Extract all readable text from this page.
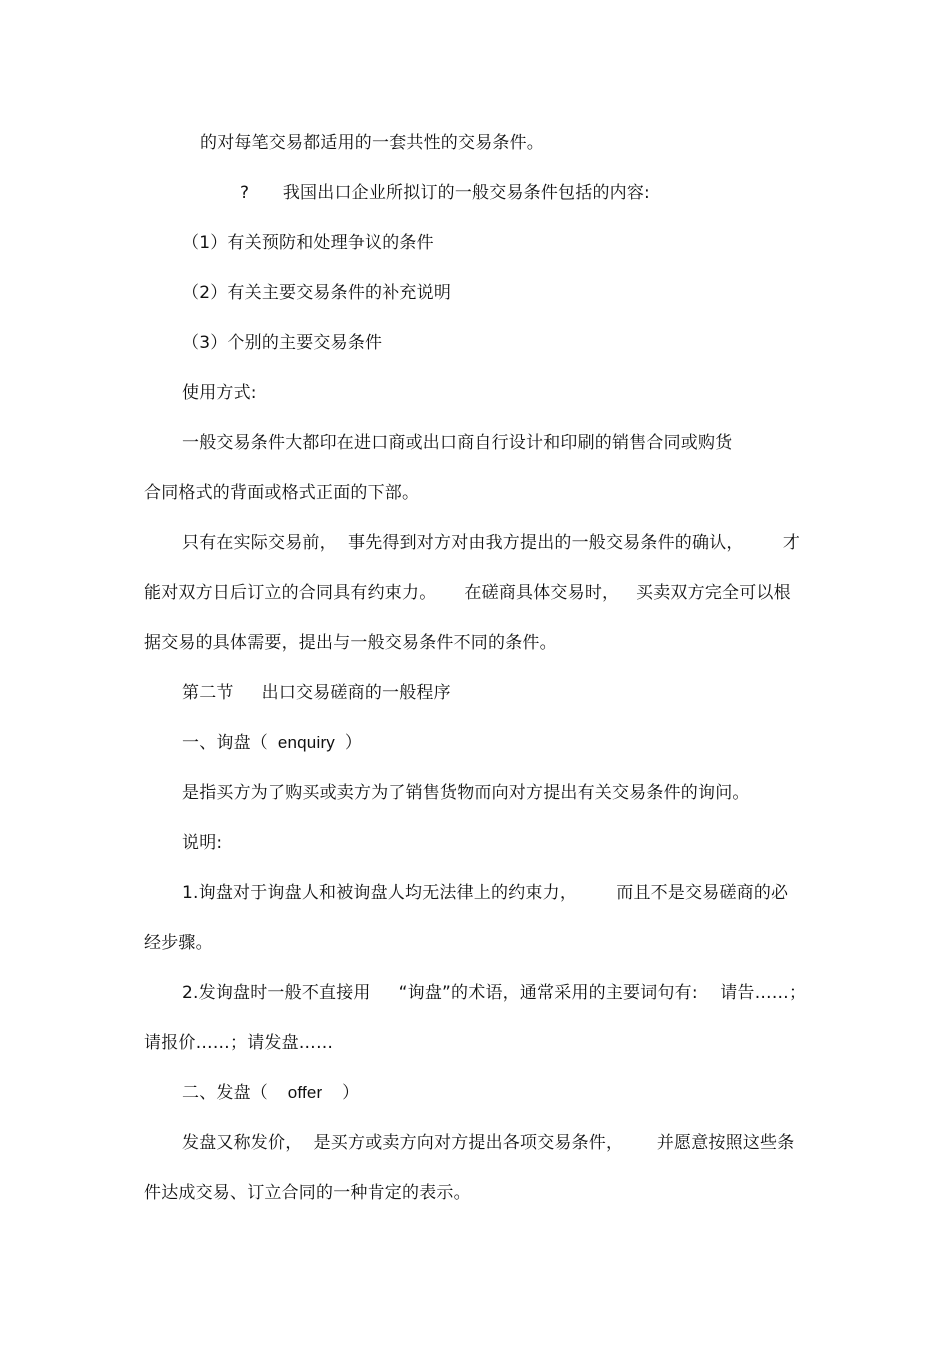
的对每笔交易都适用的一套共性的交易条件。
?      我国出口企业所拟订的一般交易条件包括的内容:
（1）有关预防和处理争议的条件
（2）有关主要交易条件的补充说明
（3）个别的主要交易条件
使用方式:
一般交易条件大都印在进口商或出口商自行设计和印刷的销售合同或购货
合同格式的背面或格式正面的下部。
只有在实际交易前，  事先得到对方对由我方提出的一般交易条件的确认，       才
能对双方日后订立的合同具有约束力。     在磋商具体交易时，   买卖双方完全可以根
据交易的具体需要，提出与一般交易条件不同的条件。
第二节     出口交易磋商的一般程序
一、询盘（  enquiry  ）
是指买方为了购买或卖方为了销售货物而向对方提出有关交易条件的询问。
说明:
1.询盘对于询盘人和被询盘人均无法律上的约束力，       而且不是交易磋商的必
经步骤。
2.发询盘时一般不直接用     “询盘”的术语，通常采用的主要词句有:    请告……；
请报价……；请发盘……
二、发盘（    offer    ）
发盘又称发价，  是买方或卖方向对方提出各项交易条件，      并愿意按照这些条
件达成交易、订立合同的一种肯定的表示。
